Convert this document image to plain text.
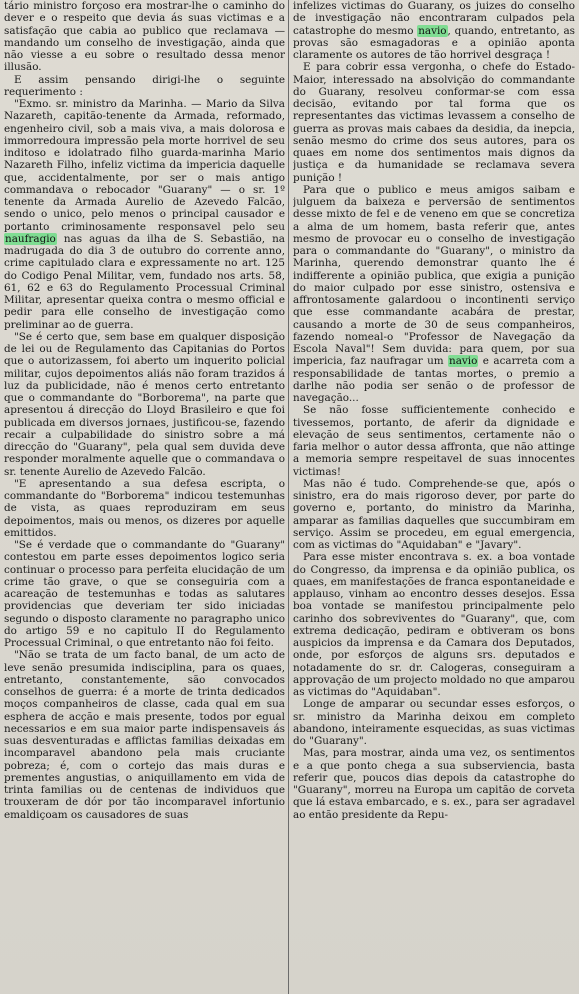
tário ministro forçoso era mostrar-lhe o caminho do dever e o respeito que devia ás suas victimas e a satisfação que cabia ao publico que reclamava — mandando um conselho de investigação, ainda que não viesse a eu sobre o resultado dessa menor illusão.

E assim pensando dirigi-lhe o seguinte requerimento :

"Exmo. sr. ministro da Marinha. — Mario da Silva Nazareth, capitão-tenente da Armada, reformado, engenheiro civil, sob a mais viva, a mais dolorosa e immorredoura impressão pela morte horrivel de seu inditoso e idolatrado filho guarda-marinha Mario Nazareth Filho, infeliz victima da impericia daquelle que, accidentalmente, por ser o mais antigo commandava o rebocador "Guarany" — o sr. 1º tenente da Armada Aurelio de Azevedo Falcão, sendo o unico, pelo menos o principal causador e portanto criminosamente responsavel pelo seu naufragio nas aguas da ilha de S. Sebastião, na madrugada do dia 3 de outubro do corrente anno, crime capitulado clara e expressamente no art. 125 do Codigo Penal Militar, vem, fundado nos arts. 58, 61, 62 e 63 do Regulamento Processual Criminal Militar, apresentar queixa contra o mesmo official e pedir para elle conselho de investigação como preliminar ao de guerra.

"Se é certo que, sem base em qualquer disposição de lei ou de Regulamento das Capitanias do Portos que o autorizassem, foi aberto um inquerito policial militar, cujos depoimentos aliás não foram trazidos á luz da publicidade, não é menos certo entretanto que o commandante do "Borborema", na parte que apresentou á direcção do Lloyd Brasileiro e que foi publicada em diversos jornaes, justificou-se, fazendo recair a culpabilidade do sinistro sobre a má direcção do "Guarany", pela qual sem duvida deve responder moralmente aquelle que o commandava o sr. tenente Aurelio de Azevedo Falcão.

"E apresentando a sua defesa escripta, o commandante do "Borborema" indicou testemunhas de vista, as quaes reproduziram em seus depoimentos, mais ou menos, os dizeres por aquelle emittidos.

"Se é verdade que o commandante do "Guarany" contestou em parte esses depoimentos logico seria continuar o processo para perfeita elucidação de um crime tão grave, o que se conseguiria com a acareação de testemunhas e todas as salutares providencias que deveriam ter sido iniciadas segundo o disposto claramente no paragrapho unico do artigo 59 e no capitulo II do Regulamento Processual Criminal, o que entretanto não foi feito.

"Não se trata de um facto banal, de um acto de leve senão presumida indisciplina, para os quaes, entretanto, constantemente, são convocados conselhos de guerra: é a morte de trinta dedicados moços companheiros de classe, cada qual em sua esphera de acção e mais presente, todos por egual necessarios e em sua maior parte indispensaveis ás suas desventuradas e afflictas familias deixadas em incomparavel abandono pela mais cruciante pobreza; é, com o cortejo das mais duras e prementes angustias, o aniquillamento em vida de trinta familias ou de centenas de individuos que trouxeram de dór por tão incomparavel infortunio emaldiçoam os causadores de suas

infelizes victimas do Guarany, os juizes do conselho de investigação não encontraram culpados pela catastrophe do mesmo navio, quando, entretanto, as provas são esmagadoras e a opinião aponta claramente os autores de tão horrivel desgraça !

E para cobrir essa vergonha, o chefe do Estado-Maior, interessado na absolvição do commandante do Guarany, resolveu conformar-se com essa decisão, evitando por tal forma que os representantes das victimas levassem a conselho de guerra as provas mais cabaes da desidia, da inepcia, senão mesmo do crime dos seus autores, para os quaes em nome dos sentimentos mais dignos da justiça e da humanidade se reclamava severa punição !

Para que o publico e meus amigos saibam e julguem da baixeza e perversão de sentimentos desse mixto de fel e de veneno em que se concretiza a alma de um homem, basta referir que, antes mesmo de provocar eu o conselho de investigação para o commandante do "Guarany", o ministro da Marinha, querendo demonstrar quanto lhe é indifferente a opinião publica, que exigia a punição do maior culpado por esse sinistro, ostensiva e affrontosamente galardoou o incontinenti serviço que esse commandante acabára de prestar, causando a morte de 30 de seus companheiros, fazendo nomeal-o "Professor de Navegação da Escola Naval"! Sem duvida: para quem, por sua impericia, faz naufragar um navio e acarreta com a responsabilidade de tantas mortes, o premio a darlhe não podia ser senão o de professor de navegação...

Se não fosse sufficientemente conhecido e tivessemos, portanto, de aferir da dignidade e elevação de seus sentimentos, certamente não o faria melhor o autor dessa affronta, que não attinge a memoria sempre respeitavel de suas innocentes victimas!

Mas não é tudo. Comprehende-se que, após o sinistro, era do mais rigoroso dever, por parte do governo e, portanto, do ministro da Marinha, amparar as familias daquelles que succumbiram em serviço. Assim se procedeu, em egual emergencia, com as victimas do "Aquidaban" e "Javary".

Para esse mister encontrava s. ex. a boa vontade do Congresso, da imprensa e da opinião publica, os quaes, em manifestações de franca espontaneidade e applauso, vinham ao encontro desses desejos. Essa boa vontade se manifestou principalmente pelo carinho dos sobreviventes do "Guarany", que, com extrema dedicação, pediram e obtiveram os bons auspicios da imprensa e da Camara dos Deputados, onde, por esforços de alguns srs. deputados e notadamente do sr. dr. Calogeras, conseguiram a approvação de um projecto moldado no que amparou as victimas do "Aquidaban".

Longe de amparar ou secundar esses esforços, o sr. ministro da Marinha deixou em completo abandono, inteiramente esquecidas, as suas victimas do "Guarany".

Mas, para mostrar, ainda uma vez, os sentimentos e a que ponto chega a sua subserviencia, basta referir que, poucos dias depois da catastrophe do "Guarany", morreu na Europa um capitão de corveta que lá estava embarcado, e s. ex., para ser agradavel ao então presidente da Repu-
